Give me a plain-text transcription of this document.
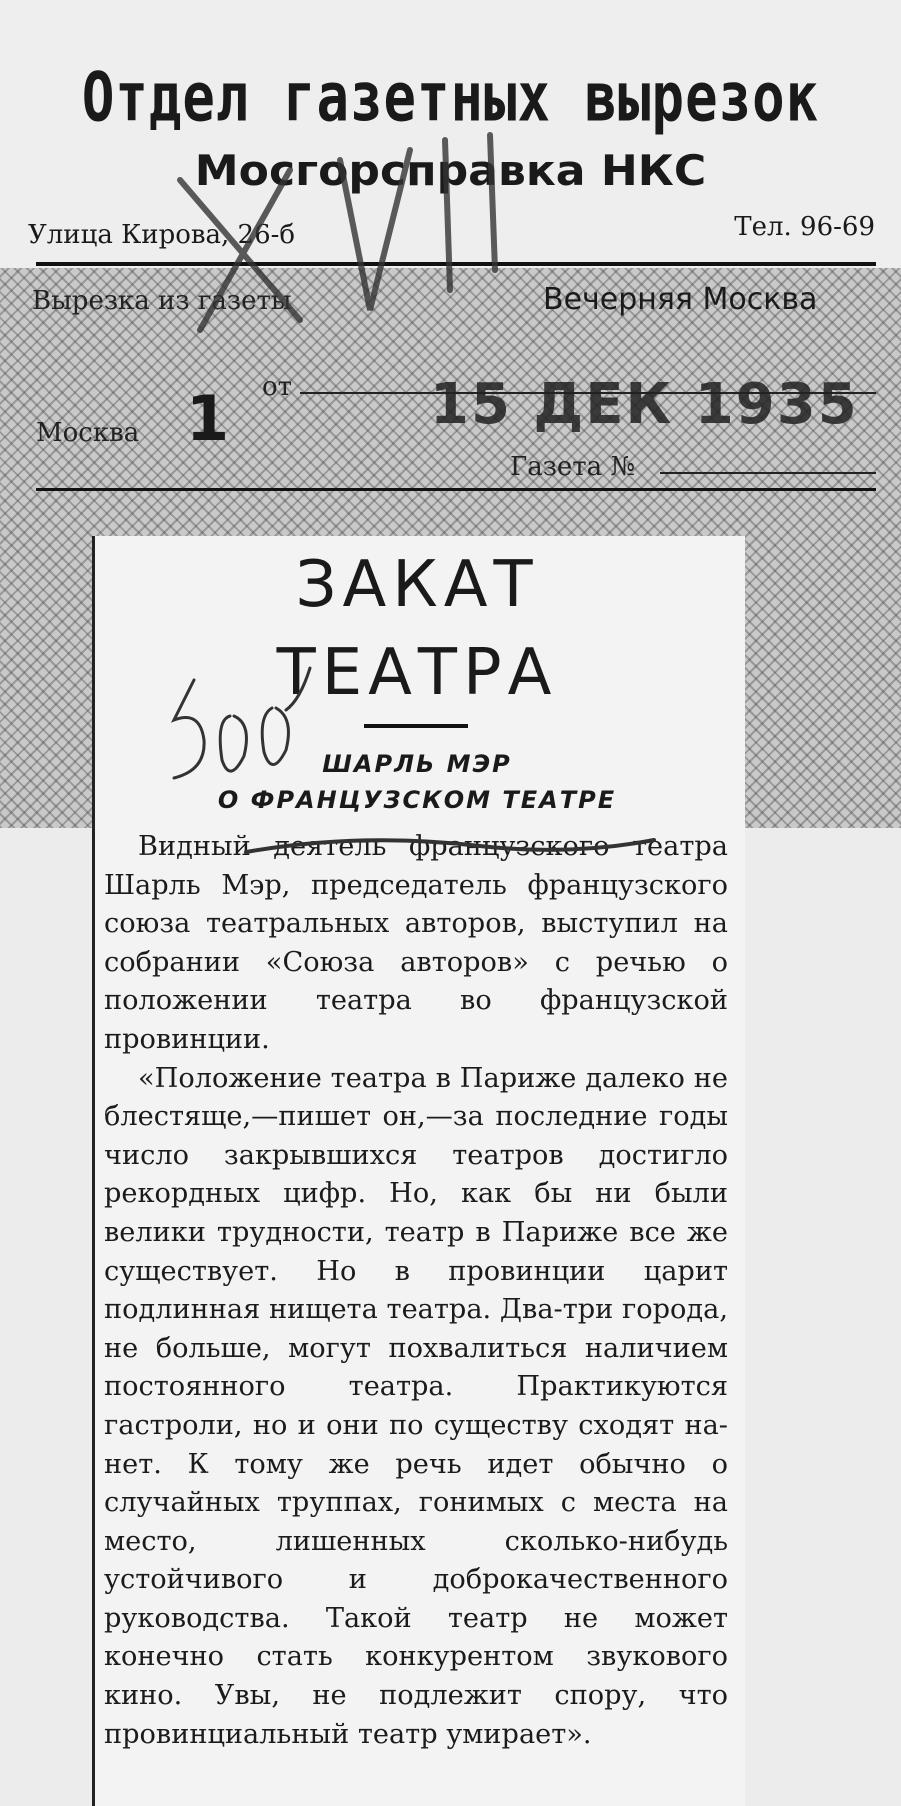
Отдел газетных вырезок
Мосгорсправка НКС
Улица Кирова, 26-б	Тел. 96-69
Вырезка из газеты	Вечерняя Москва
Москва 1 от 15 ДЕК 1935
Газета №
ЗАКАТ
ТЕАТРА
ШАРЛЬ МЭР
О ФРАНЦУЗСКОМ ТЕАТРЕ

Видный деятель французского театра Шарль Мэр, председатель французского союза театральных авторов, выступил на собрании «Союза авторов» с речью о положении театра во французской провинции.

«Положение театра в Париже далеко не блестяще,—пишет он,—за последние годы число закрывшихся театров достигло рекордных цифр. Но, как бы ни были велики трудности, театр в Париже все же существует. Но в провинции царит подлинная нищета театра. Два-три города, не больше, могут похвалиться наличием постоянного театра. Практикуются гастроли, но и они по существу сходят на-нет. К тому же речь идет обычно о случайных труппах, гонимых с места на место, лишенных сколько-нибудь устойчивого и доброкачественного руководства. Такой театр не может конечно стать конкурентом звукового кино. Увы, не подлежит спору, что провинциальный театр умирает».
